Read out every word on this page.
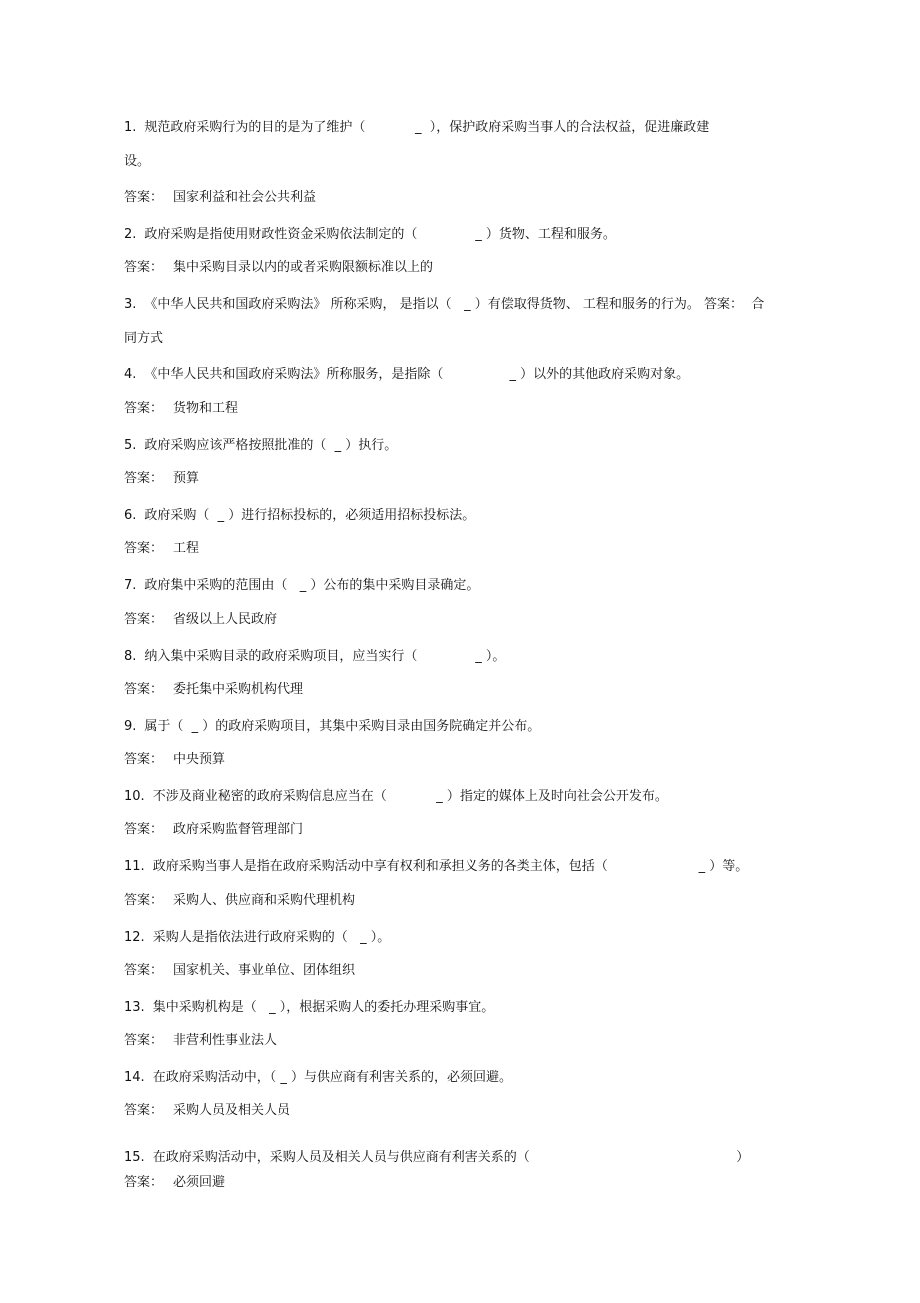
1. 规范政府采购行为的目的是为了维护（            _  ），保护政府采购当事人的合法权益，促进廉政建
设。
答案： 国家利益和社会公共利益
2. 政府采购是指使用财政性资金采购依法制定的（              _ ）货物、工程和服务。
答案： 集中采购目录以内的或者采购限额标准以上的
3. 《中华人民共和国政府采购法》 所称采购， 是指以（   _ ）有偿取得货物、 工程和服务的行为。 答案：  合
同方式
4. 《中华人民共和国政府采购法》所称服务，是指除（                _ ）以外的其他政府采购对象。
答案： 货物和工程
5. 政府采购应该严格按照批准的（  _ ）执行。
答案： 预算
6. 政府采购（  _ ）进行招标投标的，必须适用招标投标法。
答案： 工程
7. 政府集中采购的范围由（   _ ）公布的集中采购目录确定。
答案： 省级以上人民政府
8. 纳入集中采购目录的政府采购项目，应当实行（              _ ）。
答案： 委托集中采购机构代理
9. 属于（  _ ）的政府采购项目，其集中采购目录由国务院确定并公布。
答案： 中央预算
10. 不涉及商业秘密的政府采购信息应当在（            _ ）指定的媒体上及时向社会公开发布。
答案： 政府采购监督管理部门
11. 政府采购当事人是指在政府采购活动中享有权利和承担义务的各类主体，包括（                      _ ）等。
答案： 采购人、供应商和采购代理机构
12. 采购人是指依法进行政府采购的（   _ ）。
答案： 国家机关、事业单位、团体组织
13. 集中采购机构是（   _ ），根据采购人的委托办理采购事宜。
答案： 非营利性事业法人
14. 在政府采购活动中，（ _ ）与供应商有利害关系的，必须回避。
答案： 采购人员及相关人员
15. 在政府采购活动中，采购人员及相关人员与供应商有利害关系的（                                                  ）
答案： 必须回避
